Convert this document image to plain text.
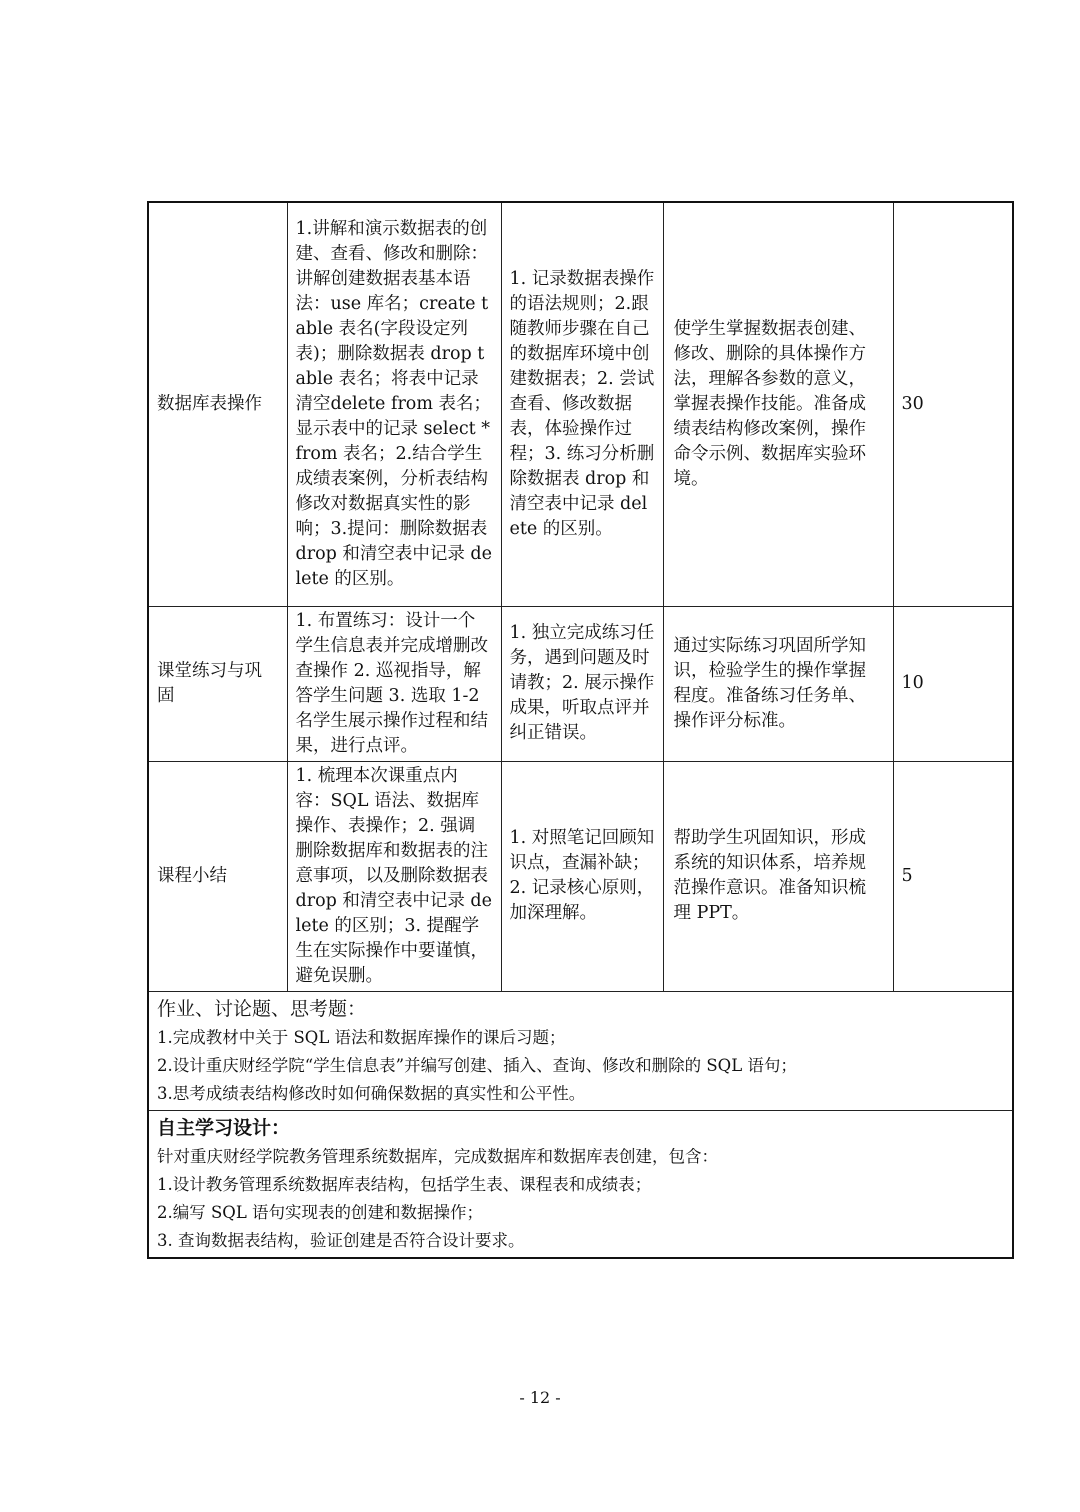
数据库表操作	1.讲解和演示数据表的创建、查看、修改和删除：讲解创建数据表基本语法：use 库名；create table 表名(字段设定列表)；删除数据表 drop table 表名；将表中记录清空delete from 表名；显示表中的记录 select * from 表名；2.结合学生成绩表案例，分析表结构修改对数据真实性的影响；3.提问：删除数据表 drop 和清空表中记录 delete 的区别。	1. 记录数据表操作的语法规则；2.跟随教师步骤在自己的数据库环境中创建数据表；2. 尝试查看、修改数据表，体验操作过程；3. 练习分析删除数据表 drop 和清空表中记录 delete 的区别。	使学生掌握数据表创建、修改、删除的具体操作方法，理解各参数的意义，掌握表操作技能。准备成绩表结构修改案例，操作命令示例、数据库实验环境。	30

课堂练习与巩固	1. 布置练习：设计一个学生信息表并完成增删改查操作 2. 巡视指导，解答学生问题 3. 选取 1-2 名学生展示操作过程和结果，进行点评。	1. 独立完成练习任务，遇到问题及时请教；2. 展示操作成果，听取点评并纠正错误。	通过实际练习巩固所学知识，检验学生的操作掌握程度。准备练习任务单、操作评分标准。	10

课程小结	1. 梳理本次课重点内容：SQL 语法、数据库操作、表操作；2. 强调删除数据库和数据表的注意事项，以及删除数据表 drop 和清空表中记录 delete 的区别；3. 提醒学生在实际操作中要谨慎，避免误删。	1. 对照笔记回顾知识点，查漏补缺；2. 记录核心原则，加深理解。	帮助学生巩固知识，形成系统的知识体系，培养规范操作意识。准备知识梳理 PPT。	5

作业、讨论题、思考题：
1.完成教材中关于 SQL 语法和数据库操作的课后习题；
2.设计重庆财经学院“学生信息表”并编写创建、插入、查询、修改和删除的 SQL 语句；
3.思考成绩表结构修改时如何确保数据的真实性和公平性。				

自主学习设计：
针对重庆财经学院教务管理系统数据库，完成数据库和数据库表创建，包含：
1.设计教务管理系统数据库表结构，包括学生表、课程表和成绩表；
2.编写 SQL 语句实现表的创建和数据操作；
3. 查询数据表结构，验证创建是否符合设计要求。				
- 12 -
